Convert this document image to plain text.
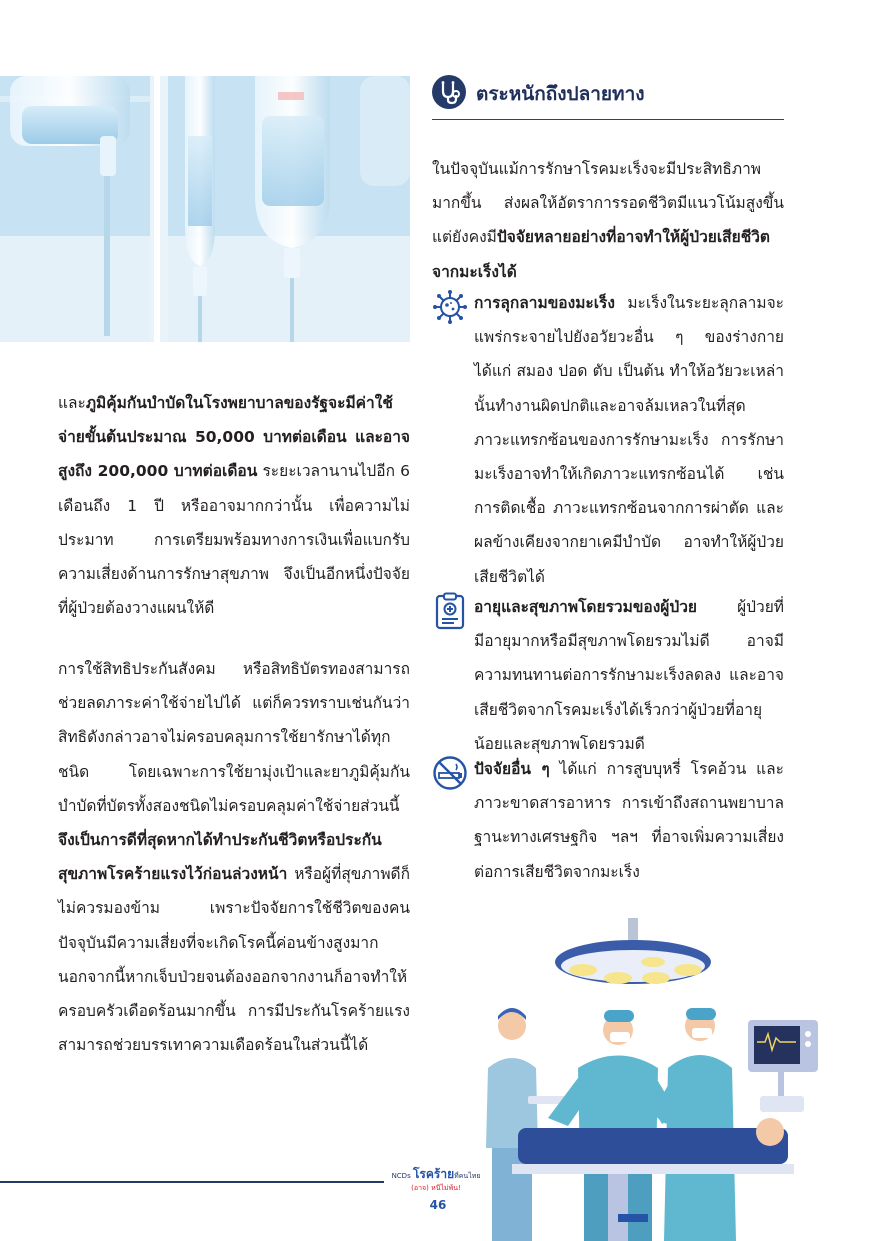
และภูมิคุ้มกันบำบัดในโรงพยาบาลของรัฐจะมีค่าใช้จ่ายขั้นต้นประมาณ 50,000 บาทต่อเดือน และอาจสูงถึง 200,000 บาทต่อเดือน ระยะเวลานานไปอีก 6 เดือนถึง 1 ปี หรืออาจมากกว่านั้น เพื่อความไม่ประมาท การเตรียมพร้อมทางการเงินเพื่อแบกรับความเสี่ยงด้านการรักษาสุขภาพ จึงเป็นอีกหนึ่งปัจจัยที่ผู้ป่วยต้องวางแผนให้ดี
การใช้สิทธิประกันสังคม หรือสิทธิบัตรทองสามารถช่วยลดภาระค่าใช้จ่ายไปได้ แต่ก็ควรทราบเช่นกันว่าสิทธิดังกล่าวอาจไม่ครอบคลุมการใช้ยารักษาได้ทุกชนิด โดยเฉพาะการใช้ยามุ่งเป้าและยาภูมิคุ้มกันบำบัดที่บัตรทั้งสองชนิดไม่ครอบคลุมค่าใช้จ่ายส่วนนี้ จึงเป็นการดีที่สุดหากได้ทำประกันชีวิตหรือประกันสุขภาพโรคร้ายแรงไว้ก่อนล่วงหน้า หรือผู้ที่สุขภาพดีก็ไม่ควรมองข้าม เพราะปัจจัยการใช้ชีวิตของคนปัจจุบันมีความเสี่ยงที่จะเกิดโรคนี้ค่อนข้างสูงมาก นอกจากนี้หากเจ็บป่วยจนต้องออกจากงานก็อาจทำให้ครอบครัวเดือดร้อนมากขึ้น การมีประกันโรคร้ายแรงสามารถช่วยบรรเทาความเดือดร้อนในส่วนนี้ได้
ตระหนักถึงปลายทาง
ในปัจจุบันแม้การรักษาโรคมะเร็งจะมีประสิทธิภาพมากขึ้น ส่งผลให้อัตราการรอดชีวิตมีแนวโน้มสูงขึ้น แต่ยังคงมีปัจจัยหลายอย่างที่อาจทำให้ผู้ป่วยเสียชีวิตจากมะเร็งได้
การลุกลามของมะเร็ง มะเร็งในระยะลุกลามจะแพร่กระจายไปยังอวัยวะอื่น ๆ ของร่างกาย ได้แก่ สมอง ปอด ตับ เป็นต้น ทำให้อวัยวะเหล่านั้นทำงานผิดปกติและอาจล้มเหลวในที่สุด ภาวะแทรกซ้อนของการรักษามะเร็ง การรักษามะเร็งอาจทำให้เกิดภาวะแทรกซ้อนได้ เช่น การติดเชื้อ ภาวะแทรกซ้อนจากการผ่าตัด และผลข้างเคียงจากยาเคมีบำบัด อาจทำให้ผู้ป่วยเสียชีวิตได้
อายุและสุขภาพโดยรวมของผู้ป่วย ผู้ป่วยที่มีอายุมากหรือมีสุขภาพโดยรวมไม่ดี อาจมีความทนทานต่อการรักษามะเร็งลดลง และอาจเสียชีวิตจากโรคมะเร็งได้เร็วกว่าผู้ป่วยที่อายุน้อยและสุขภาพโดยรวมดี
ปัจจัยอื่น ๆ ได้แก่ การสูบบุหรี่ โรคอ้วน และภาวะขาดสารอาหาร การเข้าถึงสถานพยาบาล ฐานะทางเศรษฐกิจ ฯลฯ ที่อาจเพิ่มความเสี่ยงต่อการเสียชีวิตจากมะเร็ง
NCDs โรคร้ายที่คนไทย
(อาจ) หนีไม่พ้น!
46
